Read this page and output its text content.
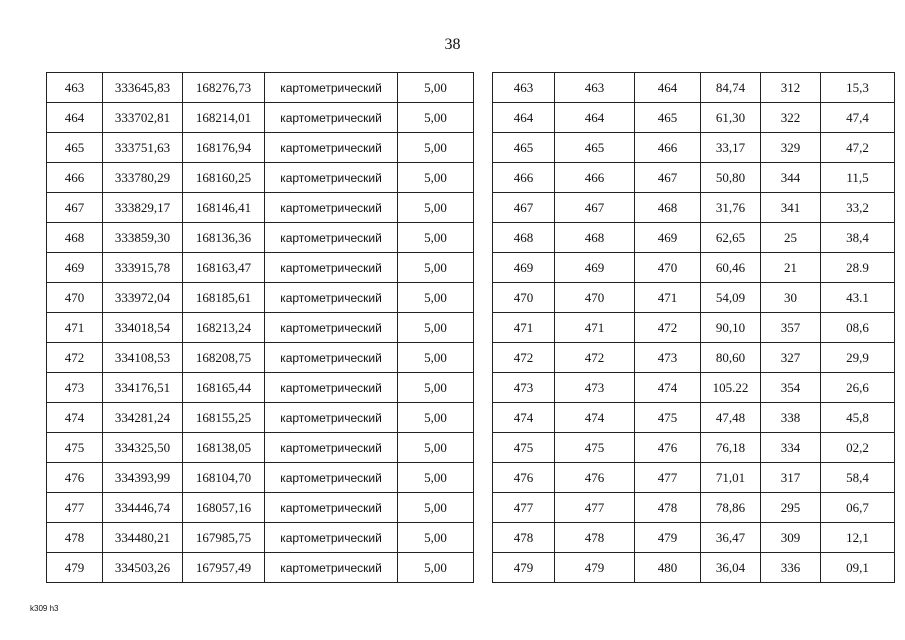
38
463	333645,83	168276,73	картометрический	5,00
464	333702,81	168214,01	картометрический	5,00
465	333751,63	168176,94	картометрический	5,00
466	333780,29	168160,25	картометрический	5,00
467	333829,17	168146,41	картометрический	5,00
468	333859,30	168136,36	картометрический	5,00
469	333915,78	168163,47	картометрический	5,00
470	333972,04	168185,61	картометрический	5,00
471	334018,54	168213,24	картометрический	5,00
472	334108,53	168208,75	картометрический	5,00
473	334176,51	168165,44	картометрический	5,00
474	334281,24	168155,25	картометрический	5,00
475	334325,50	168138,05	картометрический	5,00
476	334393,99	168104,70	картометрический	5,00
477	334446,74	168057,16	картометрический	5,00
478	334480,21	167985,75	картометрический	5,00
479	334503,26	167957,49	картометрический	5,00
463	463	464	84,74	312	15,3
464	464	465	61,30	322	47,4
465	465	466	33,17	329	47,2
466	466	467	50,80	344	11,5
467	467	468	31,76	341	33,2
468	468	469	62,65	25	38,4
469	469	470	60,46	21	28.9
470	470	471	54,09	30	43.1
471	471	472	90,10	357	08,6
472	472	473	80,60	327	29,9
473	473	474	105.22	354	26,6
474	474	475	47,48	338	45,8
475	475	476	76,18	334	02,2
476	476	477	71,01	317	58,4
477	477	478	78,86	295	06,7
478	478	479	36,47	309	12,1
479	479	480	36,04	336	09,1
k309 h3
